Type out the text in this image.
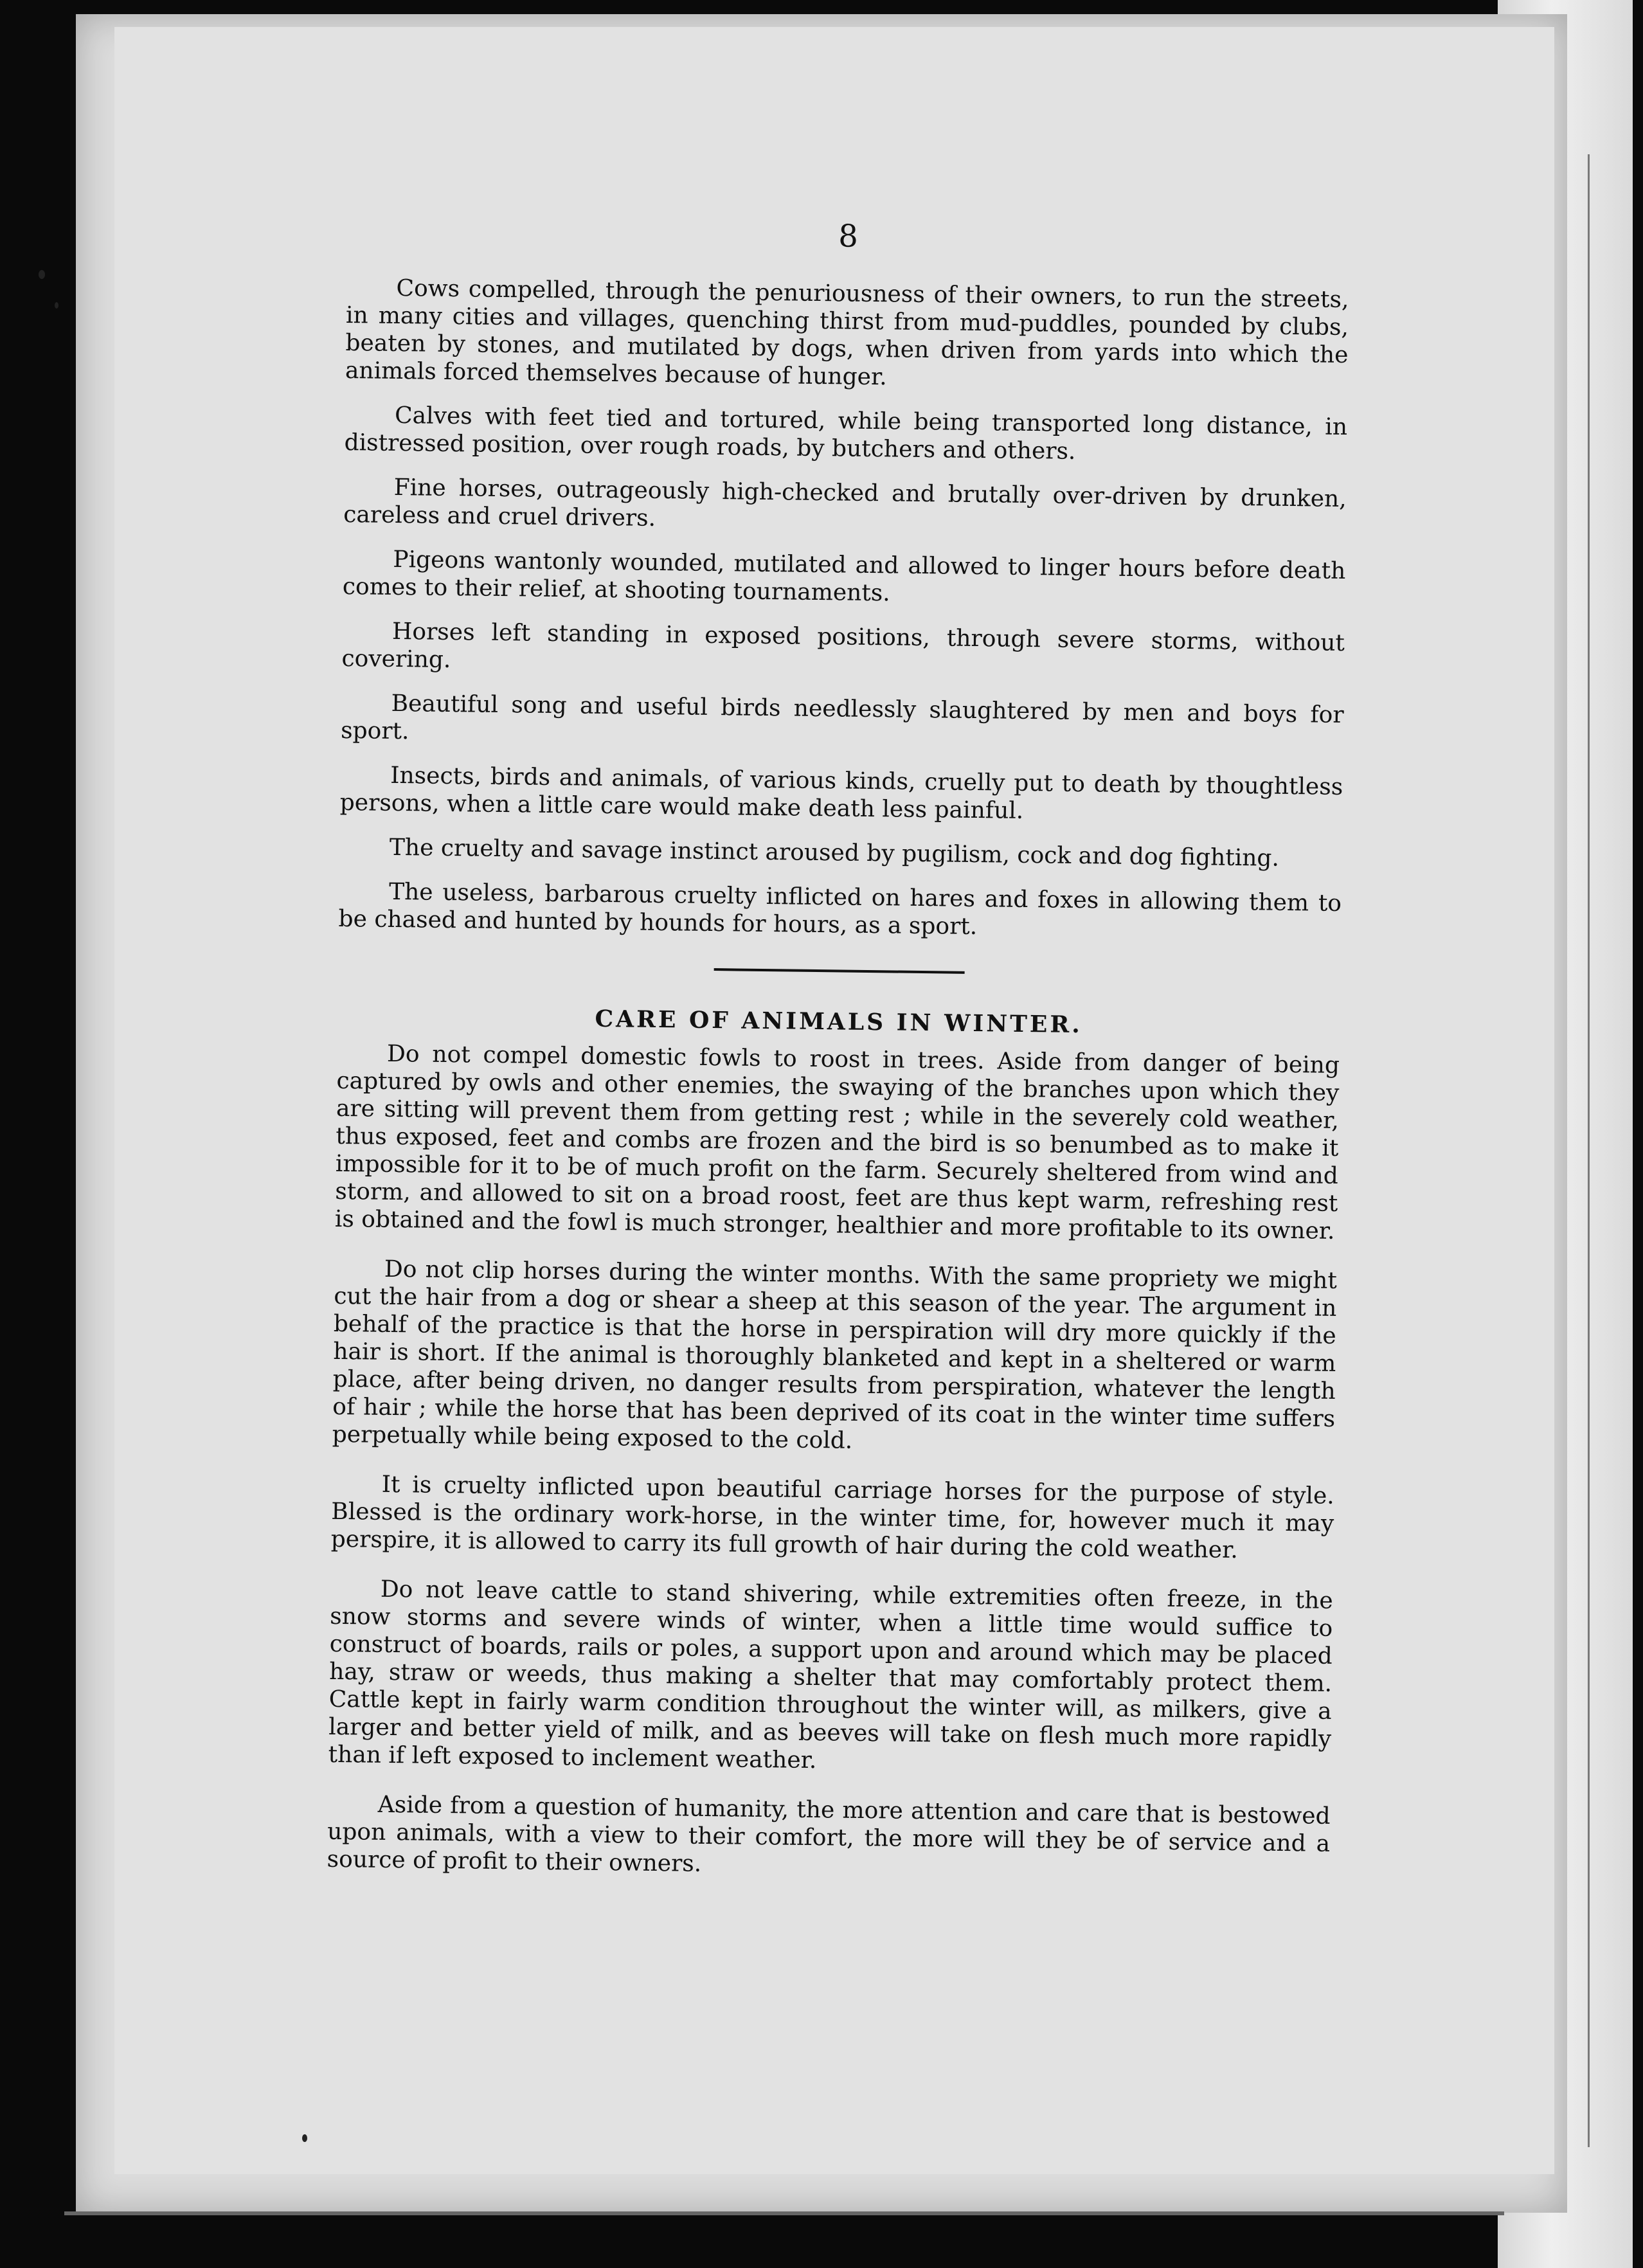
8

Cows compelled, through the penuriousness of their owners, to run the streets, in many cities and villages, quenching thirst from mud-puddles, pounded by clubs, beaten by stones, and mutilated by dogs, when driven from yards into which the animals forced themselves because of hunger.

Calves with feet tied and tortured, while being transported long distance, in distressed position, over rough roads, by butchers and others.

Fine horses, outrageously high-checked and brutally over-driven by drunken, careless and cruel drivers.

Pigeons wantonly wounded, mutilated and allowed to linger hours before death comes to their relief, at shooting tournaments.

Horses left standing in exposed positions, through severe storms, without covering.

Beautiful song and useful birds needlessly slaughtered by men and boys for sport.

Insects, birds and animals, of various kinds, cruelly put to death by thoughtless persons, when a little care would make death less painful.

The cruelty and savage instinct aroused by pugilism, cock and dog fighting.

The useless, barbarous cruelty inflicted on hares and foxes in allowing them to be chased and hunted by hounds for hours, as a sport.

CARE OF ANIMALS IN WINTER.

Do not compel domestic fowls to roost in trees. Aside from danger of being captured by owls and other enemies, the swaying of the branches upon which they are sitting will prevent them from getting rest ; while in the severely cold weather, thus exposed, feet and combs are frozen and the bird is so benumbed as to make it impossible for it to be of much profit on the farm. Securely sheltered from wind and storm, and allowed to sit on a broad roost, feet are thus kept warm, refreshing rest is obtained and the fowl is much stronger, healthier and more profitable to its owner.

Do not clip horses during the winter months. With the same propriety we might cut the hair from a dog or shear a sheep at this season of the year. The argument in behalf of the practice is that the horse in perspiration will dry more quickly if the hair is short. If the animal is thoroughly blanketed and kept in a sheltered or warm place, after being driven, no danger results from perspiration, whatever the length of hair ; while the horse that has been deprived of its coat in the winter time suffers perpetually while being exposed to the cold.

It is cruelty inflicted upon beautiful carriage horses for the purpose of style. Blessed is the ordinary work-horse, in the winter time, for, however much it may perspire, it is allowed to carry its full growth of hair during the cold weather.

Do not leave cattle to stand shivering, while extremities often freeze, in the snow storms and severe winds of winter, when a little time would suffice to construct of boards, rails or poles, a support upon and around which may be placed hay, straw or weeds, thus making a shelter that may comfortably protect them. Cattle kept in fairly warm condition throughout the winter will, as milkers, give a larger and better yield of milk, and as beeves will take on flesh much more rapidly than if left exposed to inclement weather.

Aside from a question of humanity, the more attention and care that is bestowed upon animals, with a view to their comfort, the more will they be of service and a source of profit to their owners.
